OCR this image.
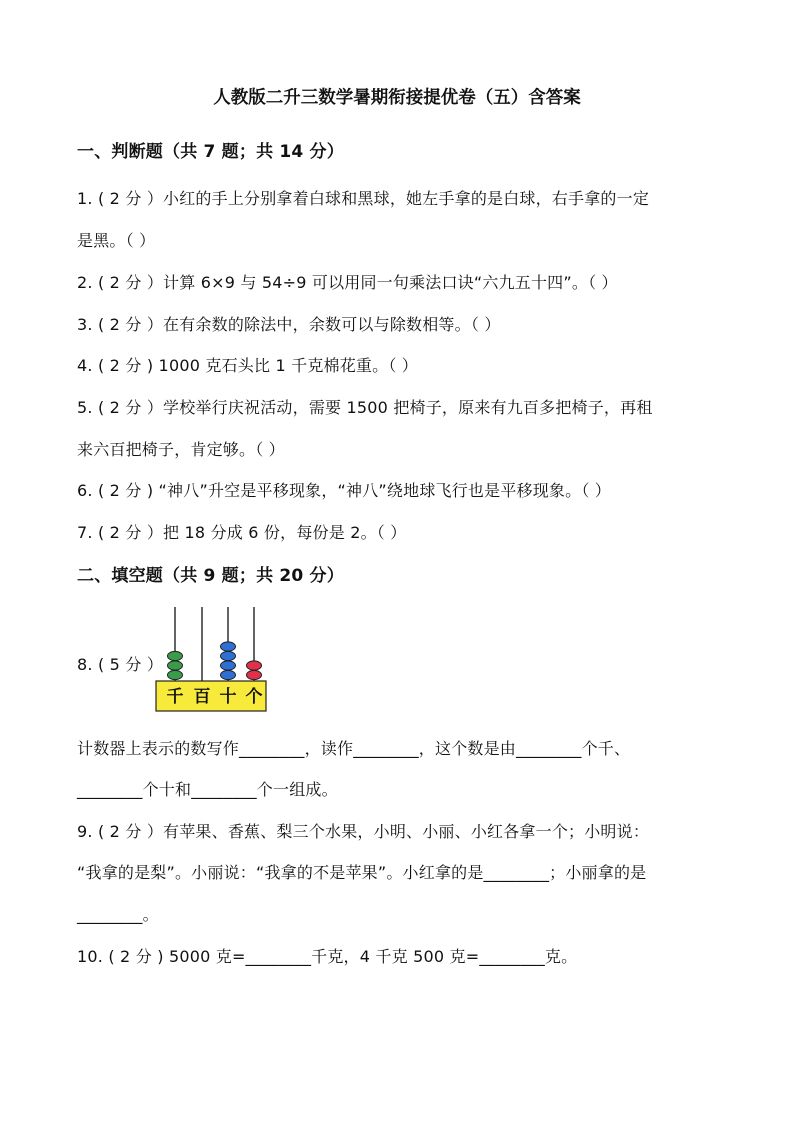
人教版二升三数学暑期衔接提优卷（五）含答案
一、判断题（共 7 题；共 14 分）
1. ( 2 分 ）小红的手上分别拿着白球和黑球，她左手拿的是白球，右手拿的一定
是黑。（ ）
2. ( 2 分 ）计算 6×9 与 54÷9 可以用同一句乘法口诀“六九五十四”。（ ）
3. ( 2 分 ）在有余数的除法中，余数可以与除数相等。（ ）
4. ( 2 分 ) 1000 克石头比 1 千克棉花重。（ ）
5. ( 2 分 ）学校举行庆祝活动，需要 1500 把椅子，原来有九百多把椅子，再租
来六百把椅子，肯定够。（ ）
6. ( 2 分 ) “神八”升空是平移现象，“神八”绕地球飞行也是平移现象。（ ）
7. ( 2 分 ）把 18 分成 6 份，每份是 2。（ ）
二、填空题（共 9 题；共 20 分）
8. ( 5 分 ）
千 百 十 个
计数器上表示的数写作________，读作________，这个数是由________个千、
________个十和________个一组成。
9. ( 2 分 ）有苹果、香蕉、梨三个水果，小明、小丽、小红各拿一个；小明说：
“我拿的是梨”。小丽说：“我拿的不是苹果”。小红拿的是________；小丽拿的是
________。
10. ( 2 分 ) 5000 克=________千克，4 千克 500 克=________克。
